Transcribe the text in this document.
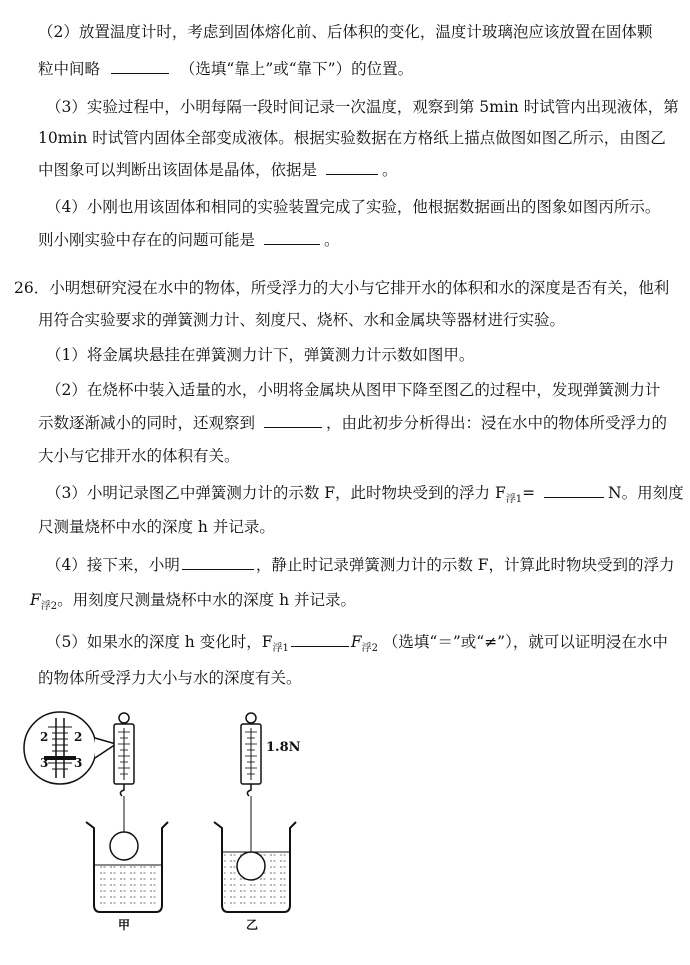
（2）放置温度计时，考虑到固体熔化前、后体积的变化，温度计玻璃泡应该放置在固体颗
粒中间略	（选填“靠上”或“靠下”）的位置。
（3）实验过程中，小明每隔一段时间记录一次温度，观察到第 5min 时试管内出现液体，第
10min 时试管内固体全部变成液体。根据实验数据在方格纸上描点做图如图乙所示，由图乙
中图象可以判断出该固体是晶体，依据是	。
（4）小刚也用该固体和相同的实验装置完成了实验，他根据数据画出的图象如图丙所示。
则小刚实验中存在的问题可能是	。
26．小明想研究浸在水中的物体，所受浮力的大小与它排开水的体积和水的深度是否有关，他利
用符合实验要求的弹簧测力计、刻度尺、烧杯、水和金属块等器材进行实验。
（1）将金属块悬挂在弹簧测力计下，弹簧测力计示数如图甲。
（2）在烧杯中装入适量的水，小明将金属块从图甲下降至图乙的过程中，发现弹簧测力计
示数逐渐减小的同时，还观察到	，由此初步分析得出：浸在水中的物体所受浮力的
大小与它排开水的体积有关。
（3）小明记录图乙中弹簧测力计的示数 F，此时物块受到的浮力 $F_{浮1}=$	N。用刻度
尺测量烧杯中水的深度 h 并记录。
（4）接下来，小明	，静止时记录弹簧测力计的示数 F，计算此时物块受到的浮力
$F_{浮2}$。用刻度尺测量烧杯中水的深度 h 并记录。
（5）如果水的深度 h 变化时，$F_{浮1}$	$F_{浮2}$ （选填“＝”或“≠”），就可以证明浸在水中
的物体所受浮力大小与水的深度有关。
2 2
3 3
1.8N
甲	乙
